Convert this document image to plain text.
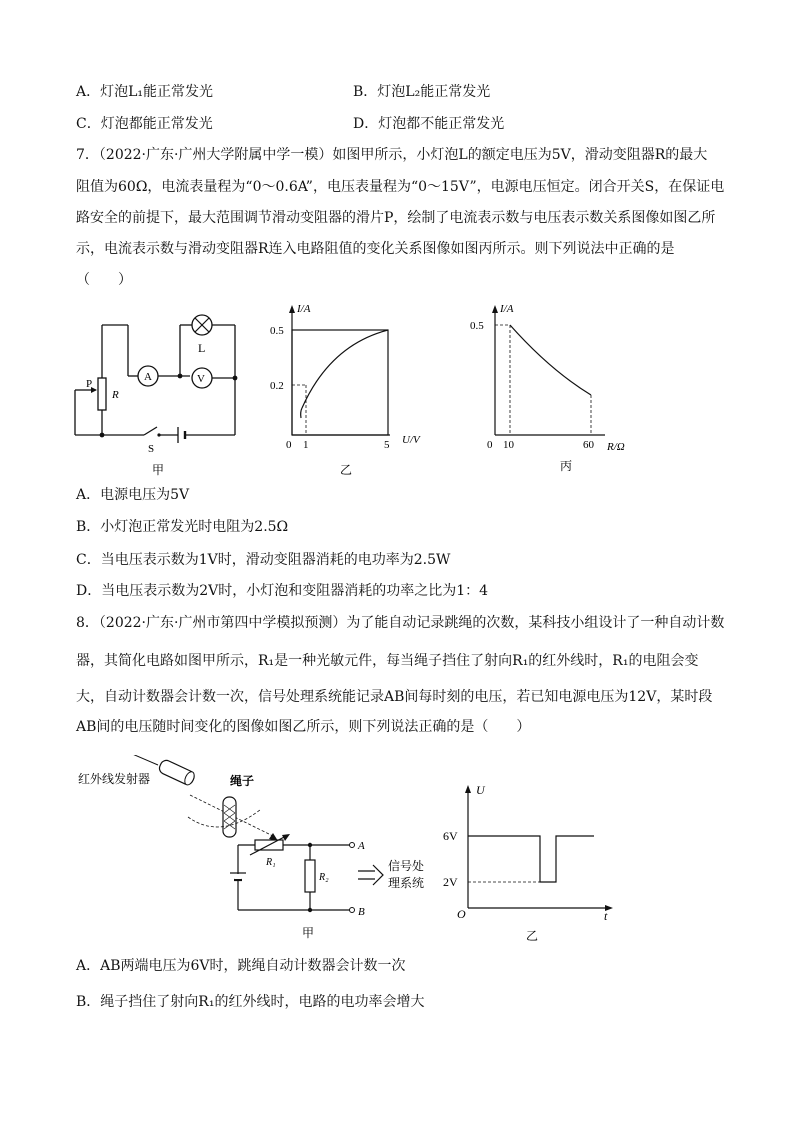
A．灯泡L₁能正常发光	B．灯泡L₂能正常发光
C．灯泡都能正常发光	D．灯泡都不能正常发光
7．（2022·广东·广州大学附属中学一模）如图甲所示，小灯泡L的额定电压为5V，滑动变阻器R的最大
阻值为60Ω，电流表量程为“0～0.6A”，电压表量程为“0～15V”，电源电压恒定。闭合开关S，在保证电
路安全的前提下，最大范围调节滑动变阻器的滑片P，绘制了电流表示数与电压表示数关系图像如图乙所
示，电流表示数与滑动变阻器R连入电路阻值的变化关系图像如图丙所示。则下列说法中正确的是
（　　）
L
A	V
P
R
S
甲
I/A
U/V
0
0.5
0.2
1	5
乙
I/A
R/Ω
0
0.5
10	60
丙
A．电源电压为5V
B．小灯泡正常发光时电阻为2.5Ω
C．当电压表示数为1V时，滑动变阻器消耗的电功率为2.5W
D．当电压表示数为2V时，小灯泡和变阻器消耗的功率之比为1：4
8．（2022·广东·广州市第四中学模拟预测）为了能自动记录跳绳的次数，某科技小组设计了一种自动计数
器，其简化电路如图甲所示，R₁是一种光敏元件，每当绳子挡住了射向R₁的红外线时，R₁的电阻会变
大，自动计数器会计数一次，信号处理系统能记录AB间每时刻的电压，若已知电源电压为12V，某时段
AB间的电压随时间变化的图像如图乙所示，则下列说法正确的是（　　）
红外线发射器	绳子
R₁
R₂
A
B
信号处
理系统
甲
U
t
O
6V
2V
乙
A．AB两端电压为6V时，跳绳自动计数器会计数一次
B．绳子挡住了射向R₁的红外线时，电路的电功率会增大
